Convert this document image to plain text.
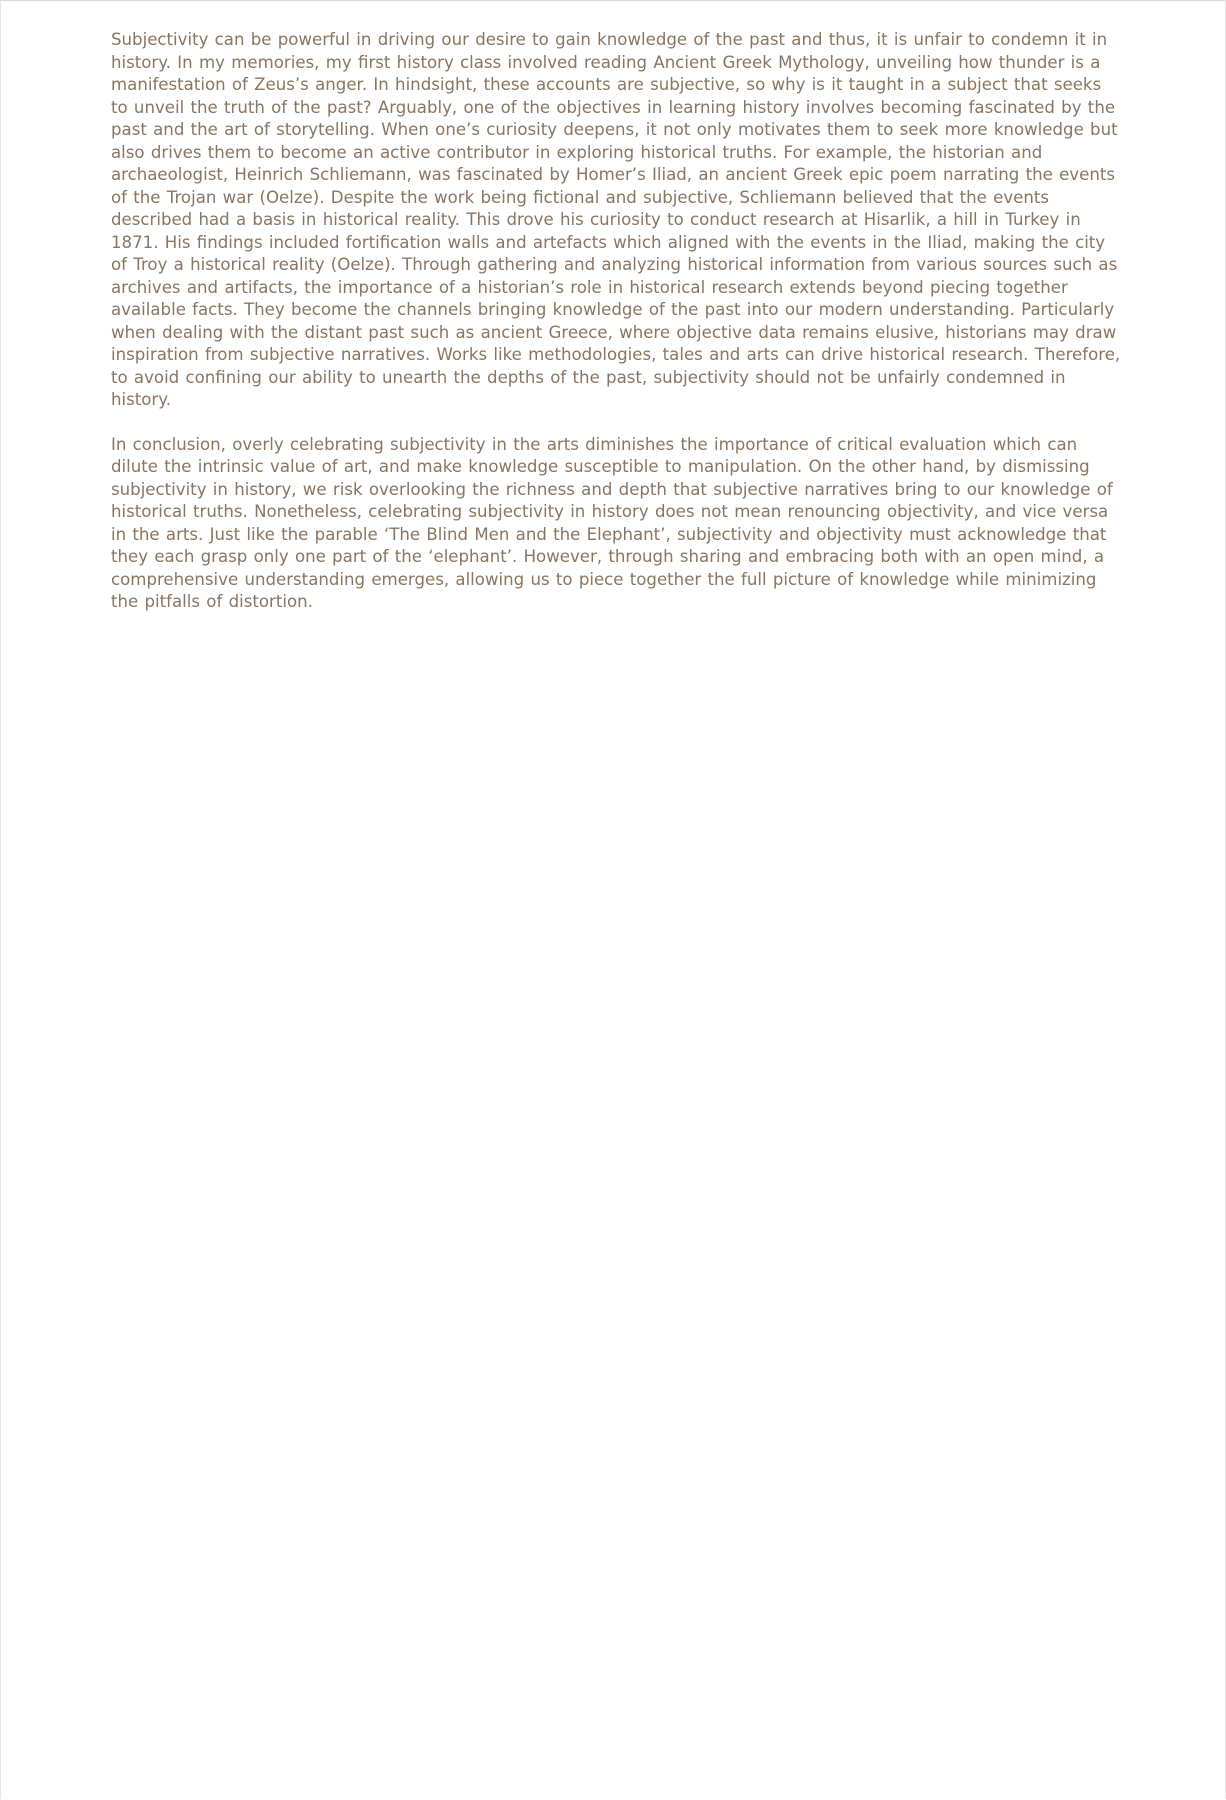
Subjectivity can be powerful in driving our desire to gain knowledge of the past and thus, it is unfair to condemn it in history. In my memories, my first history class involved reading Ancient Greek Mythology, unveiling how thunder is a manifestation of Zeus’s anger. In hindsight, these accounts are subjective, so why is it taught in a subject that seeks to unveil the truth of the past? Arguably, one of the objectives in learning history involves becoming fascinated by the past and the art of storytelling. When one’s curiosity deepens, it not only motivates them to seek more knowledge but also drives them to become an active contributor in exploring historical truths. For example, the historian and archaeologist, Heinrich Schliemann, was fascinated by Homer’s Iliad, an ancient Greek epic poem narrating the events of the Trojan war (Oelze). Despite the work being fictional and subjective, Schliemann believed that the events described had a basis in historical reality. This drove his curiosity to conduct research at Hisarlik, a hill in Turkey in 1871. His findings included fortification walls and artefacts which aligned with the events in the Iliad, making the city of Troy a historical reality (Oelze). Through gathering and analyzing historical information from various sources such as archives and artifacts, the importance of a historian’s role in historical research extends beyond piecing together available facts. They become the channels bringing knowledge of the past into our modern understanding. Particularly when dealing with the distant past such as ancient Greece, where objective data remains elusive, historians may draw inspiration from subjective narratives. Works like methodologies, tales and arts can drive historical research. Therefore, to avoid confining our ability to unearth the depths of the past, subjectivity should not be unfairly condemned in history.

In conclusion, overly celebrating subjectivity in the arts diminishes the importance of critical evaluation which can dilute the intrinsic value of art, and make knowledge susceptible to manipulation. On the other hand, by dismissing subjectivity in history, we risk overlooking the richness and depth that subjective narratives bring to our knowledge of historical truths. Nonetheless, celebrating subjectivity in history does not mean renouncing objectivity, and vice versa in the arts. Just like the parable ‘The Blind Men and the Elephant’, subjectivity and objectivity must acknowledge that they each grasp only one part of the ‘elephant’. However, through sharing and embracing both with an open mind, a comprehensive understanding emerges, allowing us to piece together the full picture of knowledge while minimizing the pitfalls of distortion.
